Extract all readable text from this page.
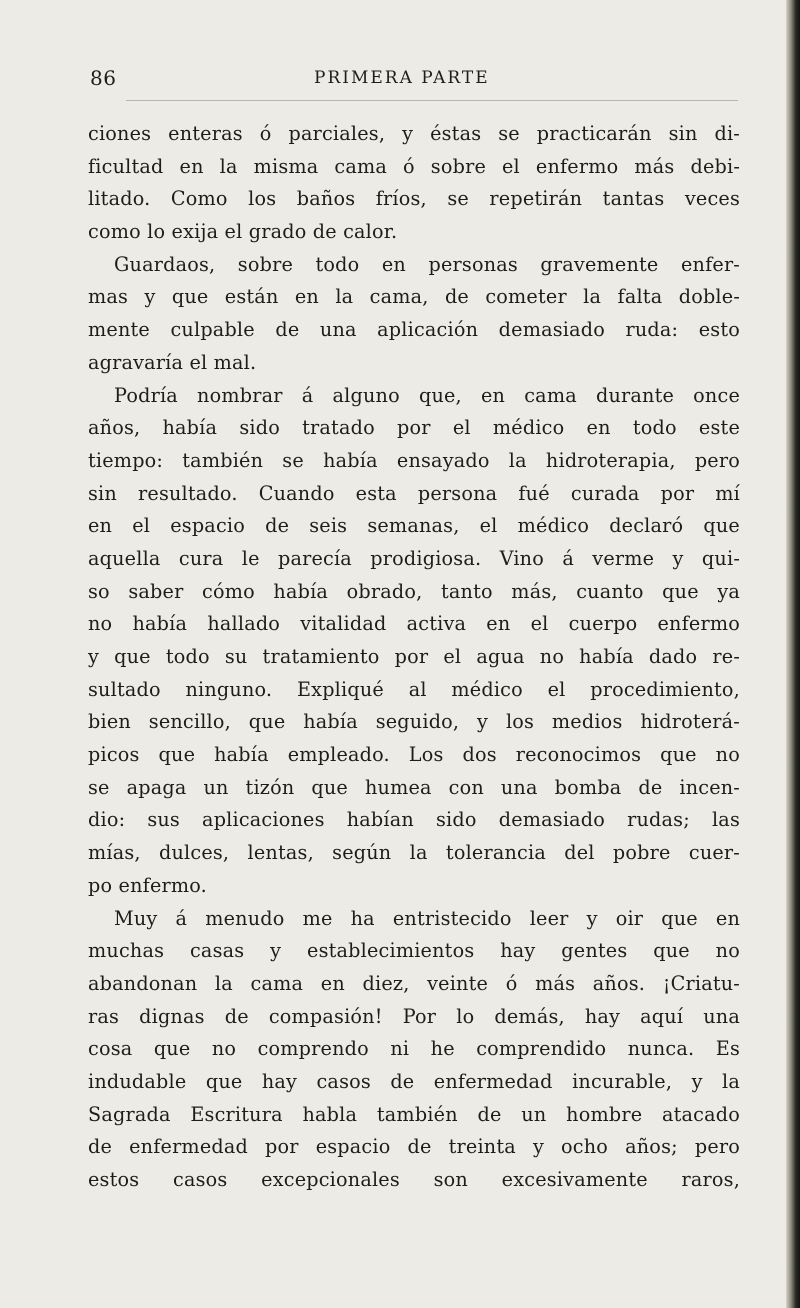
86	PRIMERA PARTE
ciones enteras ó parciales, y éstas se practicarán sin di-
ficultad en la misma cama ó sobre el enfermo más debi-
litado. Como los baños fríos, se repetirán tantas veces
como lo exija el grado de calor.
Guardaos, sobre todo en personas gravemente enfer-
mas y que están en la cama, de cometer la falta doble-
mente culpable de una aplicación demasiado ruda: esto
agravaría el mal.
Podría nombrar á alguno que, en cama durante once
años, había sido tratado por el médico en todo este
tiempo: también se había ensayado la hidroterapia, pero
sin resultado. Cuando esta persona fué curada por mí
en el espacio de seis semanas, el médico declaró que
aquella cura le parecía prodigiosa. Vino á verme y qui-
so saber cómo había obrado, tanto más, cuanto que ya
no había hallado vitalidad activa en el cuerpo enfermo
y que todo su tratamiento por el agua no había dado re-
sultado ninguno. Expliqué al médico el procedimiento,
bien sencillo, que había seguido, y los medios hidroterá-
picos que había empleado. Los dos reconocimos que no
se apaga un tizón que humea con una bomba de incen-
dio: sus aplicaciones habían sido demasiado rudas; las
mías, dulces, lentas, según la tolerancia del pobre cuer-
po enfermo.
Muy á menudo me ha entristecido leer y oir que en
muchas casas y establecimientos hay gentes que no
abandonan la cama en diez, veinte ó más años. ¡Criatu-
ras dignas de compasión! Por lo demás, hay aquí una
cosa que no comprendo ni he comprendido nunca. Es
indudable que hay casos de enfermedad incurable, y la
Sagrada Escritura habla también de un hombre atacado
de enfermedad por espacio de treinta y ocho años; pero
estos casos excepcionales son excesivamente raros,
